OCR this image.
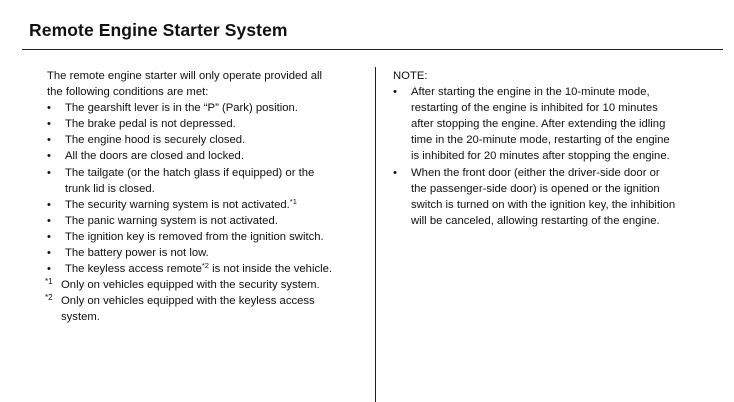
Remote Engine Starter System
The remote engine starter will only operate provided all
the following conditions are met:
• The gearshift lever is in the “P” (Park) position.
• The brake pedal is not depressed.
• The engine hood is securely closed.
• All the doors are closed and locked.
• The tailgate (or the hatch glass if equipped) or the
trunk lid is closed.
• The security warning system is not activated.$^{*1}$
• The panic warning system is not activated.
• The ignition key is removed from the ignition switch.
• The battery power is not low.
• The keyless access remote$^{*2}$ is not inside the vehicle.
*1 Only on vehicles equipped with the security system.
*2 Only on vehicles equipped with the keyless access
system.
NOTE:
• After starting the engine in the 10-minute mode,
restarting of the engine is inhibited for 10 minutes
after stopping the engine. After extending the idling
time in the 20-minute mode, restarting of the engine
is inhibited for 20 minutes after stopping the engine.
• When the front door (either the driver-side door or
the passenger-side door) is opened or the ignition
switch is turned on with the ignition key, the inhibition
will be canceled, allowing restarting of the engine.
